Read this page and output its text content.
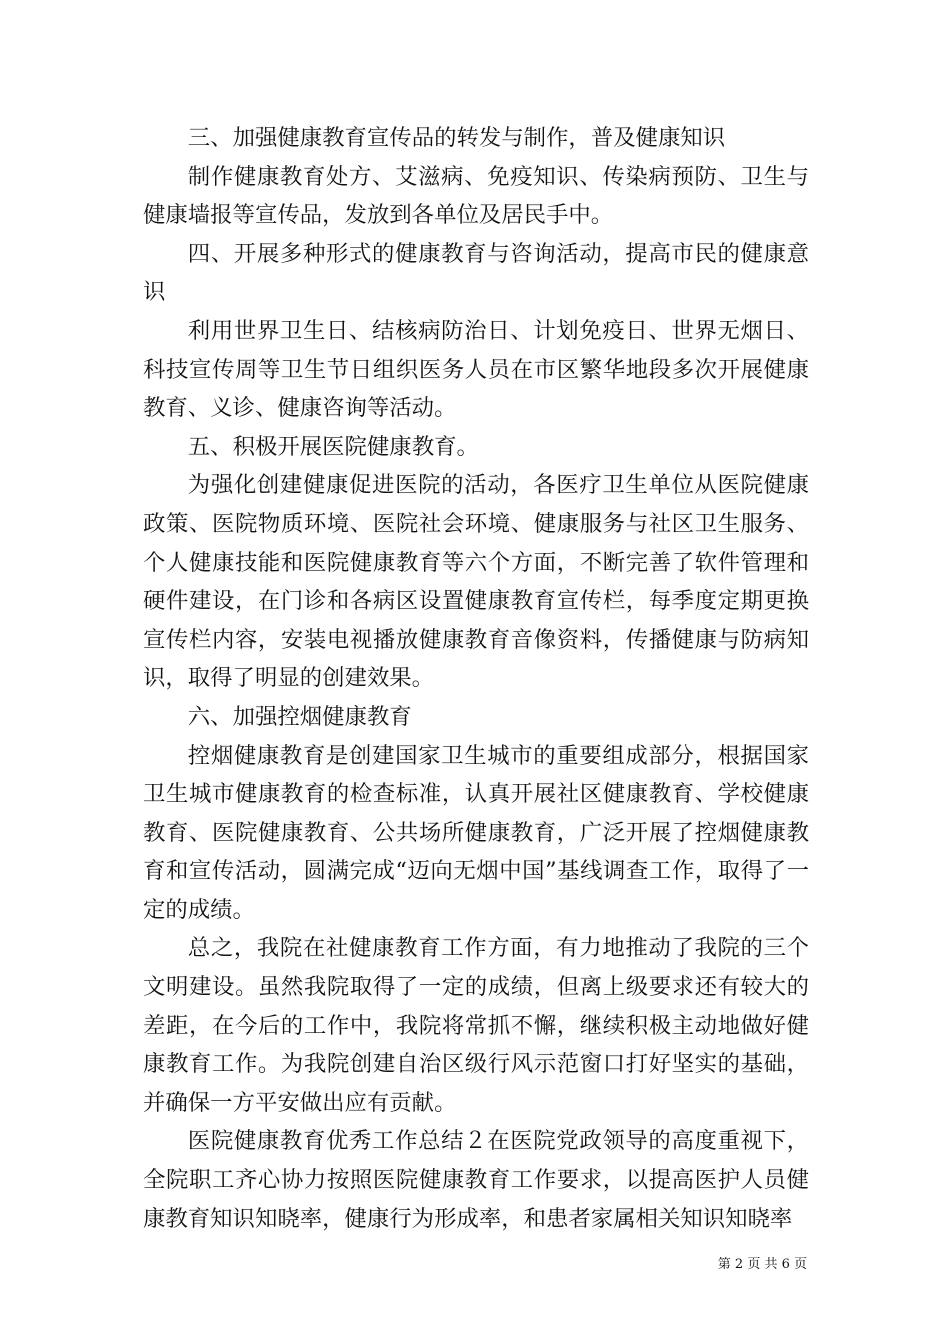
三、加强健康教育宣传品的转发与制作，普及健康知识

制作健康教育处方、艾滋病、免疫知识、传染病预防、卫生与健康墙报等宣传品，发放到各单位及居民手中。

四、开展多种形式的健康教育与咨询活动，提高市民的健康意识

利用世界卫生日、结核病防治日、计划免疫日、世界无烟日、科技宣传周等卫生节日组织医务人员在市区繁华地段多次开展健康教育、义诊、健康咨询等活动。

五、积极开展医院健康教育。

为强化创建健康促进医院的活动，各医疗卫生单位从医院健康政策、医院物质环境、医院社会环境、健康服务与社区卫生服务、个人健康技能和医院健康教育等六个方面，不断完善了软件管理和硬件建设，在门诊和各病区设置健康教育宣传栏，每季度定期更换宣传栏内容，安装电视播放健康教育音像资料，传播健康与防病知识，取得了明显的创建效果。

六、加强控烟健康教育

控烟健康教育是创建国家卫生城市的重要组成部分，根据国家卫生城市健康教育的检查标准，认真开展社区健康教育、学校健康教育、医院健康教育、公共场所健康教育，广泛开展了控烟健康教育和宣传活动，圆满完成“迈向无烟中国”基线调查工作，取得了一定的成绩。

总之，我院在社健康教育工作方面，有力地推动了我院的三个文明建设。虽然我院取得了一定的成绩，但离上级要求还有较大的差距，在今后的工作中，我院将常抓不懈，继续积极主动地做好健康教育工作。为我院创建自治区级行风示范窗口打好坚实的基础，并确保一方平安做出应有贡献。

医院健康教育优秀工作总结２在医院党政领导的高度重视下，全院职工齐心协力按照医院健康教育工作要求，以提高医护人员健康教育知识知晓率，健康行为形成率，和患者家属相关知识知晓率

第 2 页 共 6 页
